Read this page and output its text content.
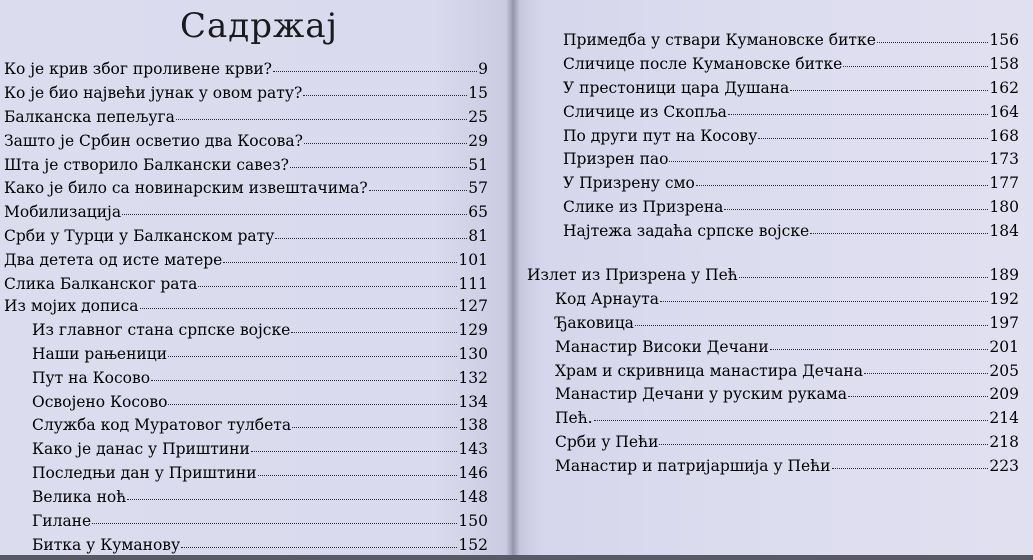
Садржај
Ко је крив због проливене крви?	9
Ко је био највећи јунак у овом рату?	15
Балканска пепељуга	25
Зашто је Србин осветио два Косова?	29
Шта је створило Балкански савез?	51
Како је било са новинарским извештачима?	57
Мобилизација	65
Срби у Турци у Балканском рату	81
Два детета од исте матере	101
Слика Балканског рата	111
Из мојих дописа	127
Из главног стана српске војске	129
Наши рањеници	130
Пут на Косово	132
Освојено Косово	134
Служба код Муратовог тулбета	138
Како је данас у Приштини	143
Последњи дан у Приштини	146
Велика ноћ	148
Гилане	150
Битка у Куманову	152
Примедба у ствари Кумановске битке	156
Сличице после Кумановске битке	158
У престоници цара Душана	162
Сличице из Скопља	164
По други пут на Косову	168
Призрен пао	173
У Призрену смо	177
Слике из Призрена	180
Најтежа задаћа српске војске	184
Излет из Призрена у Пећ	189
Код Арнаута	192
Ђаковица	197
Манастир Високи Дечани	201
Храм и скривница манастира Дечана	205
Манастир Дечани у руским рукама	209
Пећ.	214
Срби у Пећи	218
Манастир и патријаршија у Пећи	223
